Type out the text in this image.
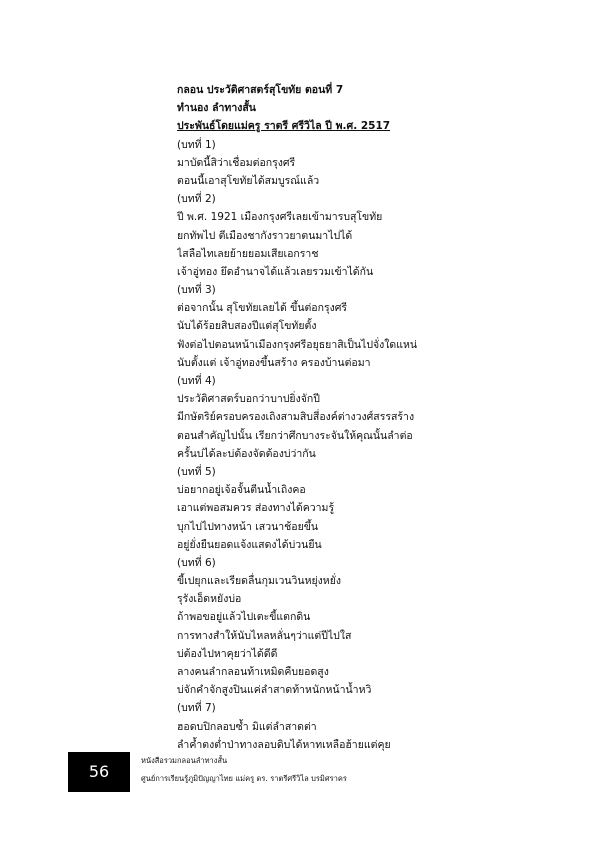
กลอน ประวัติศาสตร์สุโขทัย ตอนที่ 7
ทำนอง ลำทางสั้น
ประพันธ์โดยแม่ครู ราตรี ศรีวิไล ปี พ.ศ. 2517
(บทที่ 1)
มาบัดนี้สิว่าเชื่อมต่อกรุงศรี
ตอนนี้เอาสุโขทัยได้สมบูรณ์แล้ว
(บทที่ 2)
ปี พ.ศ. 1921 เมืองกรุงศรีเลยเข้ามารบสุโขทัย
ยกทัพไป ตีเมืองชากังราวยาตนมาไปได้
ไสลือไทเลยย้ายยอมเสียเอกราช
เจ้าอู่ทอง ยึดอำนาจได้แล้วเลยรวมเข้าได้กัน
(บทที่ 3)
ต่อจากนั้น สุโขทัยเลยได้ ขึ้นต่อกรุงศรี
นับได้ร้อยสิบสองปีแต่สุโขทัยตั้ง
ฟังต่อไปตอนหน้าเมืองกรุงศรีอยุธยาสิเป็นไปจั่งใดแหน่
นับตั้งแต่ เจ้าอู่ทองขึ้นสร้าง ครองบ้านต่อมา
(บทที่ 4)
ประวัติศาสตร์บอกว่าบาปยิ่งจักปี
มีกษัตริย์ครอบครองเถิงสามสิบสี่องค์ต่างวงศ์สรรสร้าง
ตอนสำคัญไปนั้น เรียกว่าศึกบางระจันให้คุณนั้นลำต่อ
ครั้นบ่ได้ละบ่ต้องจัดต้องบ่ว่ากัน
(บทที่ 5)
บ่อยากอยู่เจ้อจั้นตีนน้ำเถิงคอ
เอาแต่พอสมควร ส่องทางได้ความรู้
บุกไปไปทางหน้า เสวนาช้อยขึ้น
อยู่ยั่งยืนยอดแจ้งแสดงได้บ่วนยืน
(บทที่ 6)
ขี้เปยุกและเรียดลื่นกุมเวนวินหยุ่งหยั่ง
รุรังเอ็ดหยังบ่อ
ถ้าพอขอยู่แล้วไปเตะขี้แตกดิน
การทางสำให้นับไหลหลั่นๆว่าแต่ปีไปใส
บ่ต้องไปหาคุยว่าได้ดีดี
ลางคนลำกลอนท้าเหมิดคืบยอดสูง
บ่จักคำจักสูงปินแค่ลำสาดท้าหนักหน้าน้ำหวิ
(บทที่ 7)
ฮอดบปิกลอบซ้ำ มิแต่ลำสาดต่า
ลำค้ำตงต่ำป่าทางลอบดิบได้หาทเหลือฮ้ายแต่คุย
56
หนังสือรวมกลอนลำทางสั้น
ศูนย์การเรียนรู้ภูมิปัญญาไทย แม่ครู ดร. ราตรีศรีวิไล บรมิศราคร
